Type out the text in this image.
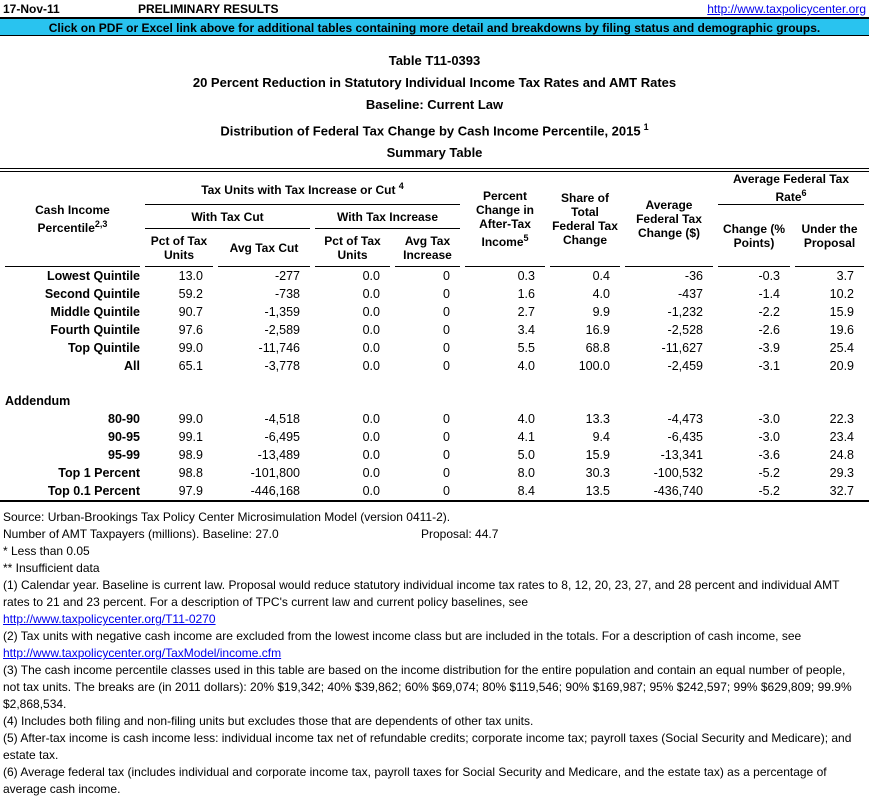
17-Nov-11	PRELIMINARY RESULTS	http://www.taxpolicycenter.org
Click on PDF or Excel link above for additional tables containing more detail and breakdowns by filing status and demographic groups.
Table T11-0393
20 Percent Reduction in Statutory Individual Income Tax Rates and AMT Rates
Baseline: Current Law
Distribution of Federal Tax Change by Cash Income Percentile, 2015 $^1$
Summary Table
Cash Income Percentile$^{2,3}$	Tax Units with Tax Increase or Cut $^4$				Percent Change in After-Tax Income$^5$	Share of Total Federal Tax Change	Average Federal Tax Change ($)	Average Federal Tax Rate$^6$
	With Tax Cut		With Tax Increase					Change (% Points)	Under the Proposal
	Pct of Tax Units	Avg Tax Cut	Pct of Tax Units	Avg Tax Increase					
Lowest Quintile	13.0	-277	0.0	0	0.3	0.4	-36	-0.3	3.7
Second Quintile	59.2	-738	0.0	0	1.6	4.0	-437	-1.4	10.2
Middle Quintile	90.7	-1,359	0.0	0	2.7	9.9	-1,232	-2.2	15.9
Fourth Quintile	97.6	-2,589	0.0	0	3.4	16.9	-2,528	-2.6	19.6
Top Quintile	99.0	-11,746	0.0	0	5.5	68.8	-11,627	-3.9	25.4
All	65.1	-3,778	0.0	0	4.0	100.0	-2,459	-3.1	20.9

Addendum									
80-90	99.0	-4,518	0.0	0	4.0	13.3	-4,473	-3.0	22.3
90-95	99.1	-6,495	0.0	0	4.1	9.4	-6,435	-3.0	23.4
95-99	98.9	-13,489	0.0	0	5.0	15.9	-13,341	-3.6	24.8
Top 1 Percent	98.8	-101,800	0.0	0	8.0	30.3	-100,532	-5.2	29.3
Top 0.1 Percent	97.9	-446,168	0.0	0	8.4	13.5	-436,740	-5.2	32.7
Source: Urban-Brookings Tax Policy Center Microsimulation Model (version 0411-2).
Number of AMT Taxpayers (millions). Baseline: 27.0	Proposal: 44.7
* Less than 0.05
** Insufficient data
(1) Calendar year. Baseline is current law. Proposal would reduce statutory individual income tax rates to 8, 12, 20, 23, 27, and 28 percent and individual AMT rates to 21 and 23 percent. For a description of TPC's current law and current policy baselines, see
http://www.taxpolicycenter.org/T11-0270
(2) Tax units with negative cash income are excluded from the lowest income class but are included in the totals. For a description of cash income, see
http://www.taxpolicycenter.org/TaxModel/income.cfm
(3) The cash income percentile classes used in this table are based on the income distribution for the entire population and contain an equal number of people, not tax units. The breaks are (in 2011 dollars): 20% $19,342; 40% $39,862; 60% $69,074; 80% $119,546; 90% $169,987; 95% $242,597; 99% $629,809; 99.9% $2,868,534.
(4) Includes both filing and non-filing units but excludes those that are dependents of other tax units.
(5) After-tax income is cash income less: individual income tax net of refundable credits; corporate income tax; payroll taxes (Social Security and Medicare); and estate tax.
(6) Average federal tax (includes individual and corporate income tax, payroll taxes for Social Security and Medicare, and the estate tax) as a percentage of average cash income.
